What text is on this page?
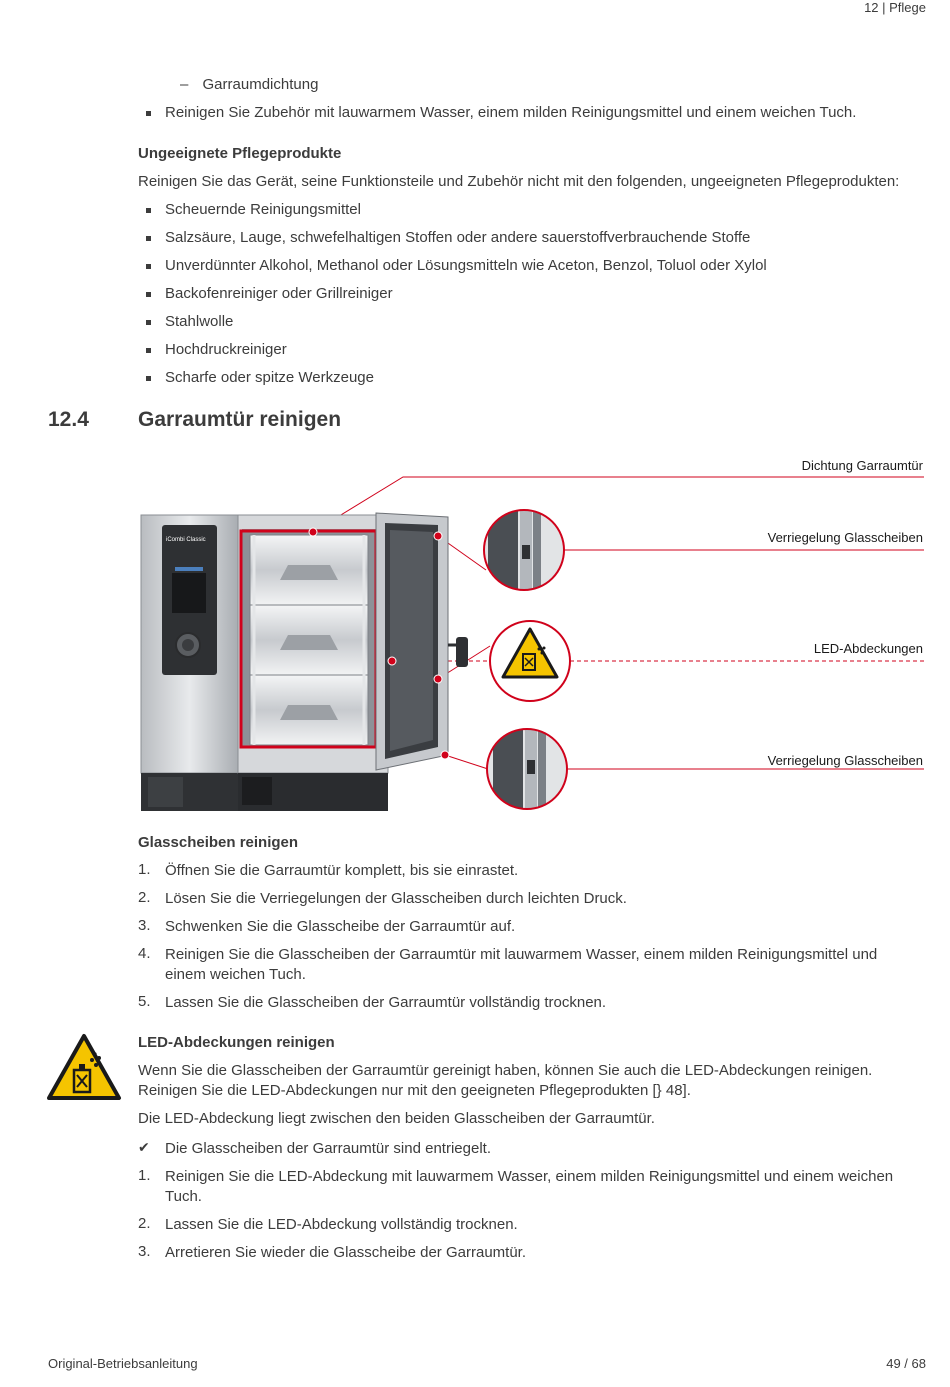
12 | Pflege
– Garraumdichtung
Reinigen Sie Zubehör mit lauwarmem Wasser, einem milden Reinigungsmittel und einem weichen Tuch.
Ungeeignete Pflegeprodukte
Reinigen Sie das Gerät, seine Funktionsteile und Zubehör nicht mit den folgenden, ungeeigneten Pflegeprodukten:
Scheuernde Reinigungsmittel
Salzsäure, Lauge, schwefelhaltigen Stoffen oder andere sauerstoffverbrauchende Stoffe
Unverdünnter Alkohol, Methanol oder Lösungsmitteln wie Aceton, Benzol, Toluol oder Xylol
Backofenreiniger oder Grillreiniger
Stahlwolle
Hochdruckreiniger
Scharfe oder spitze Werkzeuge
12.4 Garraumtür reinigen
iCombi Classic
Dichtung Garraumtür
Verriegelung Glasscheiben
LED-Abdeckungen
Verriegelung Glasscheiben
Glasscheiben reinigen
1. Öffnen Sie die Garraumtür komplett, bis sie einrastet.
2. Lösen Sie die Verriegelungen der Glasscheiben durch leichten Druck.
3. Schwenken Sie die Glasscheibe der Garraumtür auf.
4. Reinigen Sie die Glasscheiben der Garraumtür mit lauwarmem Wasser, einem milden Reinigungsmittel und
einem weichen Tuch.
5. Lassen Sie die Glasscheiben der Garraumtür vollständig trocknen.
LED-Abdeckungen reinigen
Wenn Sie die Glasscheiben der Garraumtür gereinigt haben, können Sie auch die LED-Abdeckungen reinigen.
Reinigen Sie die LED-Abdeckungen nur mit den geeigneten Pflegeprodukten [} 48].
Die LED-Abdeckung liegt zwischen den beiden Glasscheiben der Garraumtür.
✔ Die Glasscheiben der Garraumtür sind entriegelt.
1. Reinigen Sie die LED-Abdeckung mit lauwarmem Wasser, einem milden Reinigungsmittel und einem weichen
Tuch.
2. Lassen Sie die LED-Abdeckung vollständig trocknen.
3. Arretieren Sie wieder die Glasscheibe der Garraumtür.
Original-Betriebsanleitung	49 / 68
